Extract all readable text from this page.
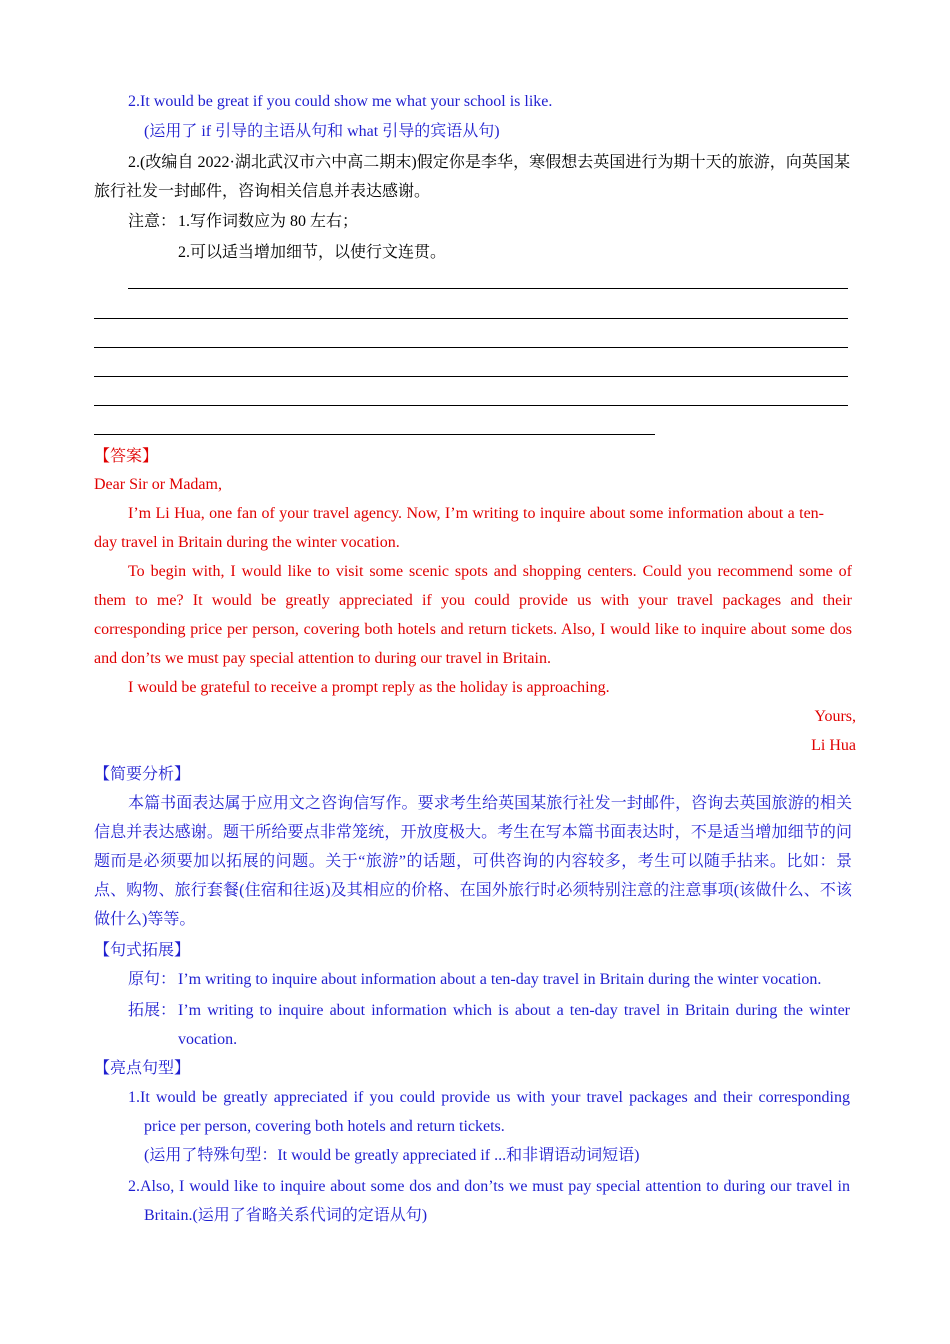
2.It would be great if you could show me what your school is like.
(运用了 if 引导的主语从句和 what 引导的宾语从句)
2.(改编自 2022·湖北武汉市六中高二期末)假定你是李华，寒假想去英国进行为期十天的旅游，向英国某旅行社发一封邮件，咨询相关信息并表达感谢。
注意： 1.写作词数应为 80 左右；
2.可以适当增加细节，以使行文连贯。
【答案】
Dear Sir or Madam,
I’m Li Hua, one fan of your travel agency. Now, I’m writing to inquire about some information about a ten-day travel in Britain during the winter vocation.
To begin with, I would like to visit some scenic spots and shopping centers. Could you recommend some of them to me? It would be greatly appreciated if you could provide us with your travel packages and their corresponding price per person, covering both hotels and return tickets. Also, I would like to inquire about some dos and don’ts we must pay special attention to during our travel in Britain.
I would be grateful to receive a prompt reply as the holiday is approaching.
Yours,
Li Hua
【简要分析】
本篇书面表达属于应用文之咨询信写作。要求考生给英国某旅行社发一封邮件，咨询去英国旅游的相关信息并表达感谢。题干所给要点非常笼统，开放度极大。考生在写本篇书面表达时，不是适当增加细节的问题而是必须要加以拓展的问题。关于“旅游”的话题，可供咨询的内容较多，考生可以随手拈来。比如：景点、购物、旅行套餐(住宿和往返)及其相应的价格、在国外旅行时必须特别注意的注意事项(该做什么、不该做什么)等等。
【句式拓展】
原句： I’m writing to inquire about information about a ten-day travel in Britain during the winter vocation.
拓展： I’m writing to inquire about information which is about a ten-day travel in Britain during the winter vocation.
【亮点句型】
1.It would be greatly appreciated if you could provide us with your travel packages and their corresponding price per person, covering both hotels and return tickets.
(运用了特殊句型：It would be greatly appreciated if ...和非谓语动词短语)
2.Also, I would like to inquire about some dos and don’ts we must pay special attention to during our travel in Britain.(运用了省略关系代词的定语从句)
